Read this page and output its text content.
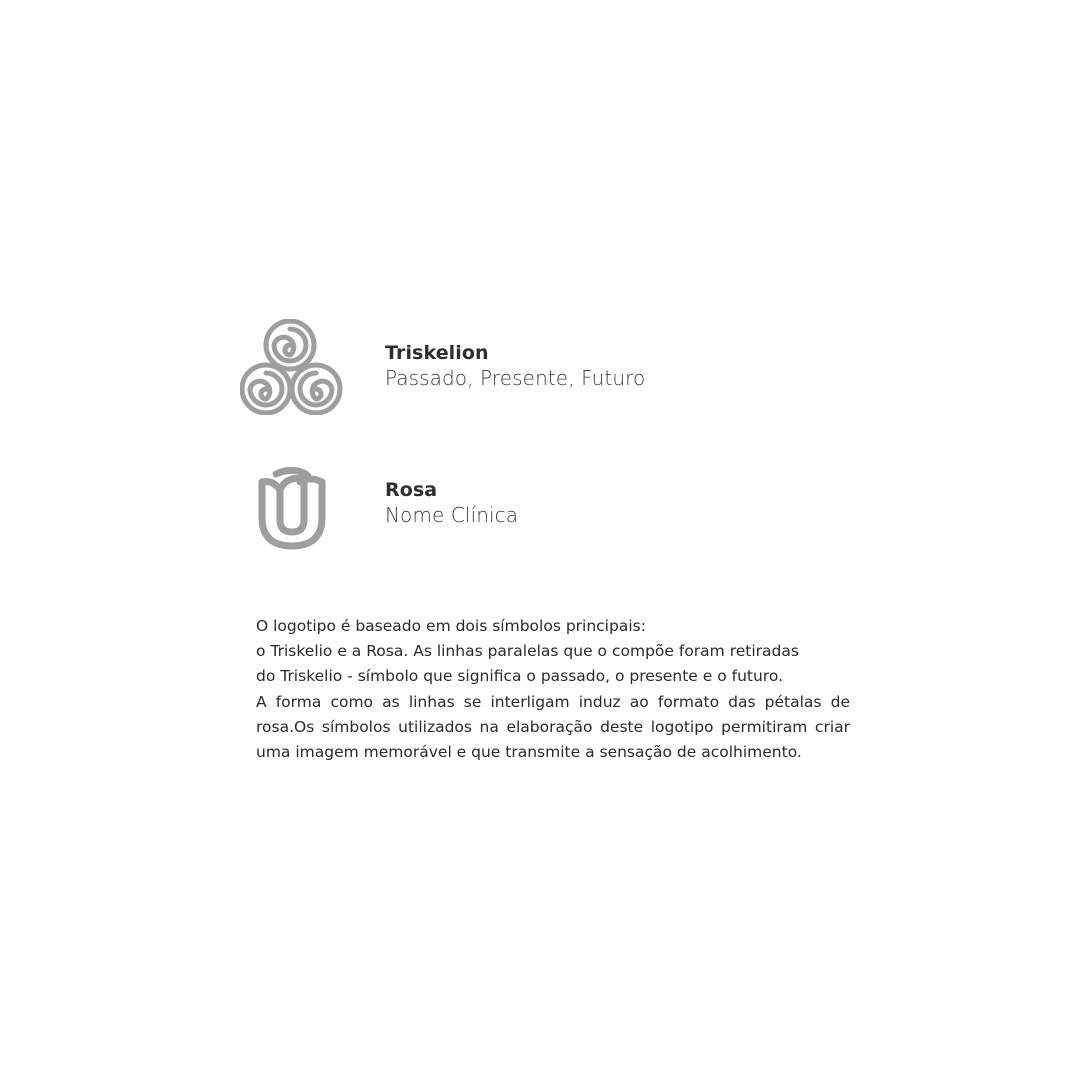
Triskelion
Passado, Presente, Futuro
Rosa
Nome Clínica

O logotipo é baseado em dois símbolos principais:
o Triskelio e a Rosa. As linhas paralelas que o compõe foram retiradas
do Triskelio - símbolo que significa o passado, o presente e o futuro.
A forma como as linhas se interligam induz ao formato das pétalas de
rosa.Os símbolos utilizados na elaboração deste logotipo permitiram criar
uma imagem memorável e que transmite a sensação de acolhimento.
